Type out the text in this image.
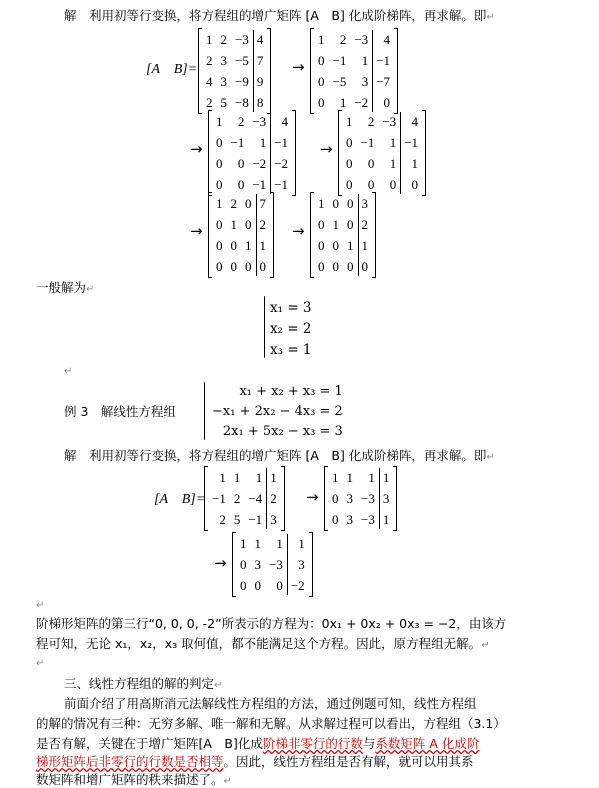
解　利用初等行变换，将方程组的增广矩阵 [A　B] 化成阶梯阵，再求解。即↵
[A　B]=
1	2	−3	4
2	3	−5	7
4	3	−9	9
2	5	−8	8
→
1	2	−3	4
0	−1	1	−1
0	−5	3	−7
0	1	−2	0
→
1	2	−3	4
0	−1	1	−1
0	0	−2	−2
0	0	−1	−1
→
1	2	−3	4
0	−1	1	−1
0	0	1	1
0	0	0	0
→
1	2	0	7
0	1	0	2
0	0	1	1
0	0	0	0
→
1	0	0	3
0	1	0	2
0	0	1	1
0	0	0	0
一般解为↵
x₁ = 3
x₂ = 2
x₃ = 1
↵
例 3　解线性方程组
x₁ + x₂ + x₃ = 1
−x₁ + 2x₂ − 4x₃ = 2
2x₁ + 5x₂ − x₃ = 3
解　利用初等行变换，将方程组的增广矩阵 [A　B] 化成阶梯阵，再求解。即↵
[A　B]=
1	1	1	1
−1	2	−4	2
2	5	−1	3
→
1	1	1	1
0	3	−3	3
0	3	−3	1
→
1	1	1	1
0	3	−3	3
0	0	0	−2
↵
阶梯形矩阵的第三行“0, 0, 0, -2”所表示的方程为：0x₁ + 0x₂ + 0x₃ = −2，由该方
程可知，无论 x₁，x₂，x₃ 取何值，都不能满足这个方程。因此，原方程组无解。↵
↵
三、线性方程组的解的判定↵
前面介绍了用高斯消元法解线性方程组的方法，通过例题可知，线性方程组
的解的情况有三种：无穷多解、唯一解和无解。从求解过程可以看出，方程组（3.1）
是否有解，关键在于增广矩阵[A　B]化成阶梯非零行的行数与系数矩阵 A 化成阶
梯形矩阵后非零行的行数是否相等。因此，线性方程组是否有解，就可以用其系
数矩阵和增广矩阵的秩来描述了。↵
